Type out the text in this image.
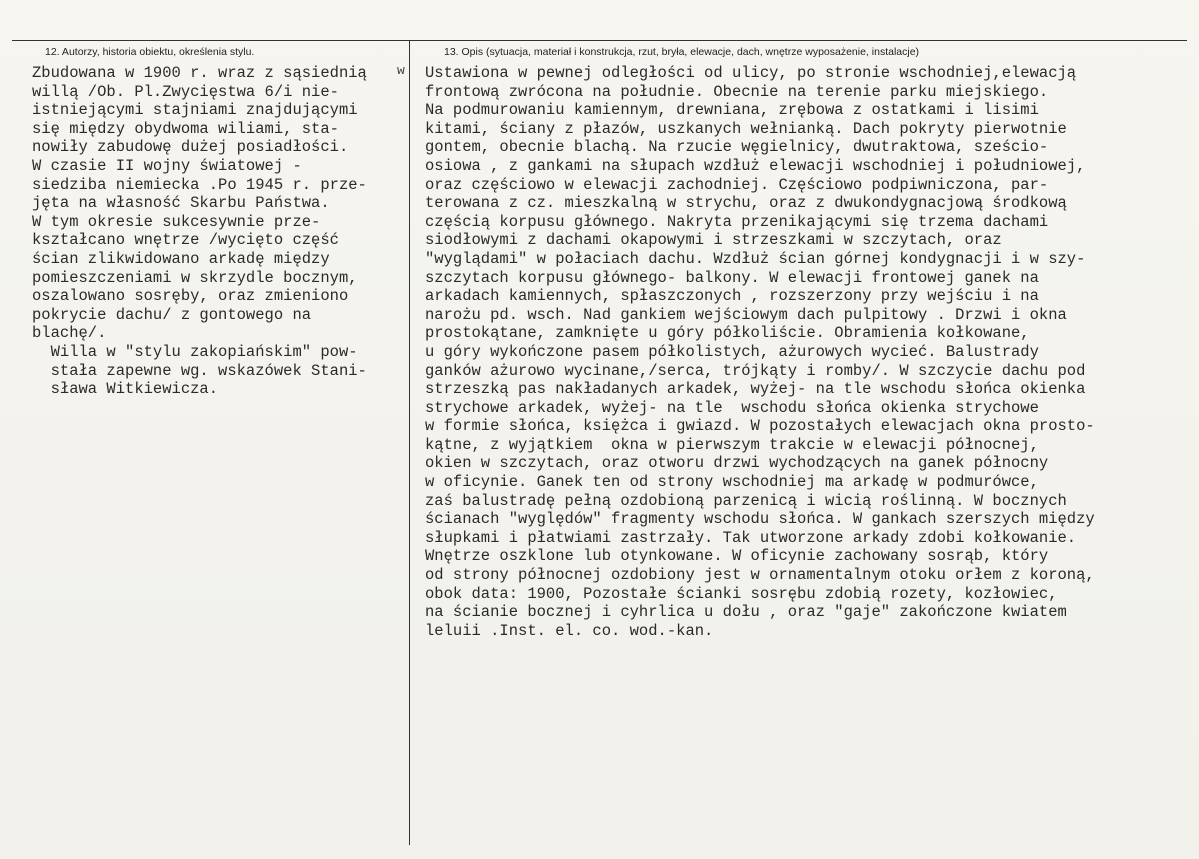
12. Autorzy, historia obiektu, określenia stylu.	13. Opis (sytuacja, materiał i konstrukcja, rzut, bryła, elewacje, dach, wnętrze wyposażenie, instalacje)
w
Zbudowana w 1900 r. wraz z sąsiednią
willą /Ob. Pl.Zwycięstwa 6/i nie-
istniejącymi stajniami znajdującymi
się między obydwoma wiliami, sta-
nowiły zabudowę dużej posiadłości.
W czasie II wojny światowej -
siedziba niemiecka .Po 1945 r. prze-
jęta na własność Skarbu Państwa.
W tym okresie sukcesywnie prze-
kształcano wnętrze /wycięto część
ścian zlikwidowano arkadę między
pomieszczeniami w skrzydle bocznym,
oszalowano sosręby, oraz zmieniono
pokrycie dachu/ z gontowego na
blachę/.
Willa w "stylu zakopiańskim" pow-
stała zapewne wg. wskazówek Stani-
sława Witkiewicza.
Ustawiona w pewnej odległości od ulicy, po stronie wschodniej,elewacją
frontową zwrócona na południe. Obecnie na terenie parku miejskiego.
Na podmurowaniu kamiennym, drewniana, zrębowa z ostatkami i lisimi
kitami, ściany z płazów, uszkanych wełnianką. Dach pokryty pierwotnie
gontem, obecnie blachą. Na rzucie węgielnicy, dwutraktowa, sześcio-
osiowa , z gankami na słupach wzdłuż elewacji wschodniej i południowej,
oraz częściowo w elewacji zachodniej. Częściowo podpiwniczona, par-
terowana z cz. mieszkalną w strychu, oraz z dwukondygnacjową środkową
częścią korpusu głównego. Nakryta przenikającymi się trzema dachami
siodłowymi z dachami okapowymi i strzeszkami w szczytach, oraz
"wyglądami" w połaciach dachu. Wzdłuż ścian górnej kondygnacji i w szy-
szczytach korpusu głównego- balkony. W elewacji frontowej ganek na
arkadach kamiennych, spłaszczonych , rozszerzony przy wejściu i na
narożu pd. wsch. Nad gankiem wejściowym dach pulpitowy . Drzwi i okna
prostokątane, zamknięte u góry półkoliście. Obramienia kołkowane,
u góry wykończone pasem półkolistych, ażurowych wycieć. Balustrady
ganków ażurowo wycinane,/serca, trójkąty i romby/. W szczycie dachu pod
strzeszką pas nakładanych arkadek, wyżej- na tle wschodu słońca okienka
strychowe arkadek, wyżej- na tle  wschodu słońca okienka strychowe
w formie słońca, księżca i gwiazd. W pozostałych elewacjach okna prosto-
kątne, z wyjątkiem  okna w pierwszym trakcie w elewacji północnej,
okien w szczytach, oraz otworu drzwi wychodzących na ganek północny
w oficynie. Ganek ten od strony wschodniej ma arkadę w podmurówce,
zaś balustradę pełną ozdobioną parzenicą i wicią roślinną. W bocznych
ścianach "wyględów" fragmenty wschodu słońca. W gankach szerszych między
słupkami i płatwiami zastrzały. Tak utworzone arkady zdobi kołkowanie.
Wnętrze oszklone lub otynkowane. W oficynie zachowany sosrąb, który
od strony północnej ozdobiony jest w ornamentalnym otoku orłem z koroną,
obok data: 1900, Pozostałe ścianki sosrębu zdobią rozety, kozłowiec,
na ścianie bocznej i cyhrlica u dołu , oraz "gaje" zakończone kwiatem
leluii .Inst. el. co. wod.-kan.
